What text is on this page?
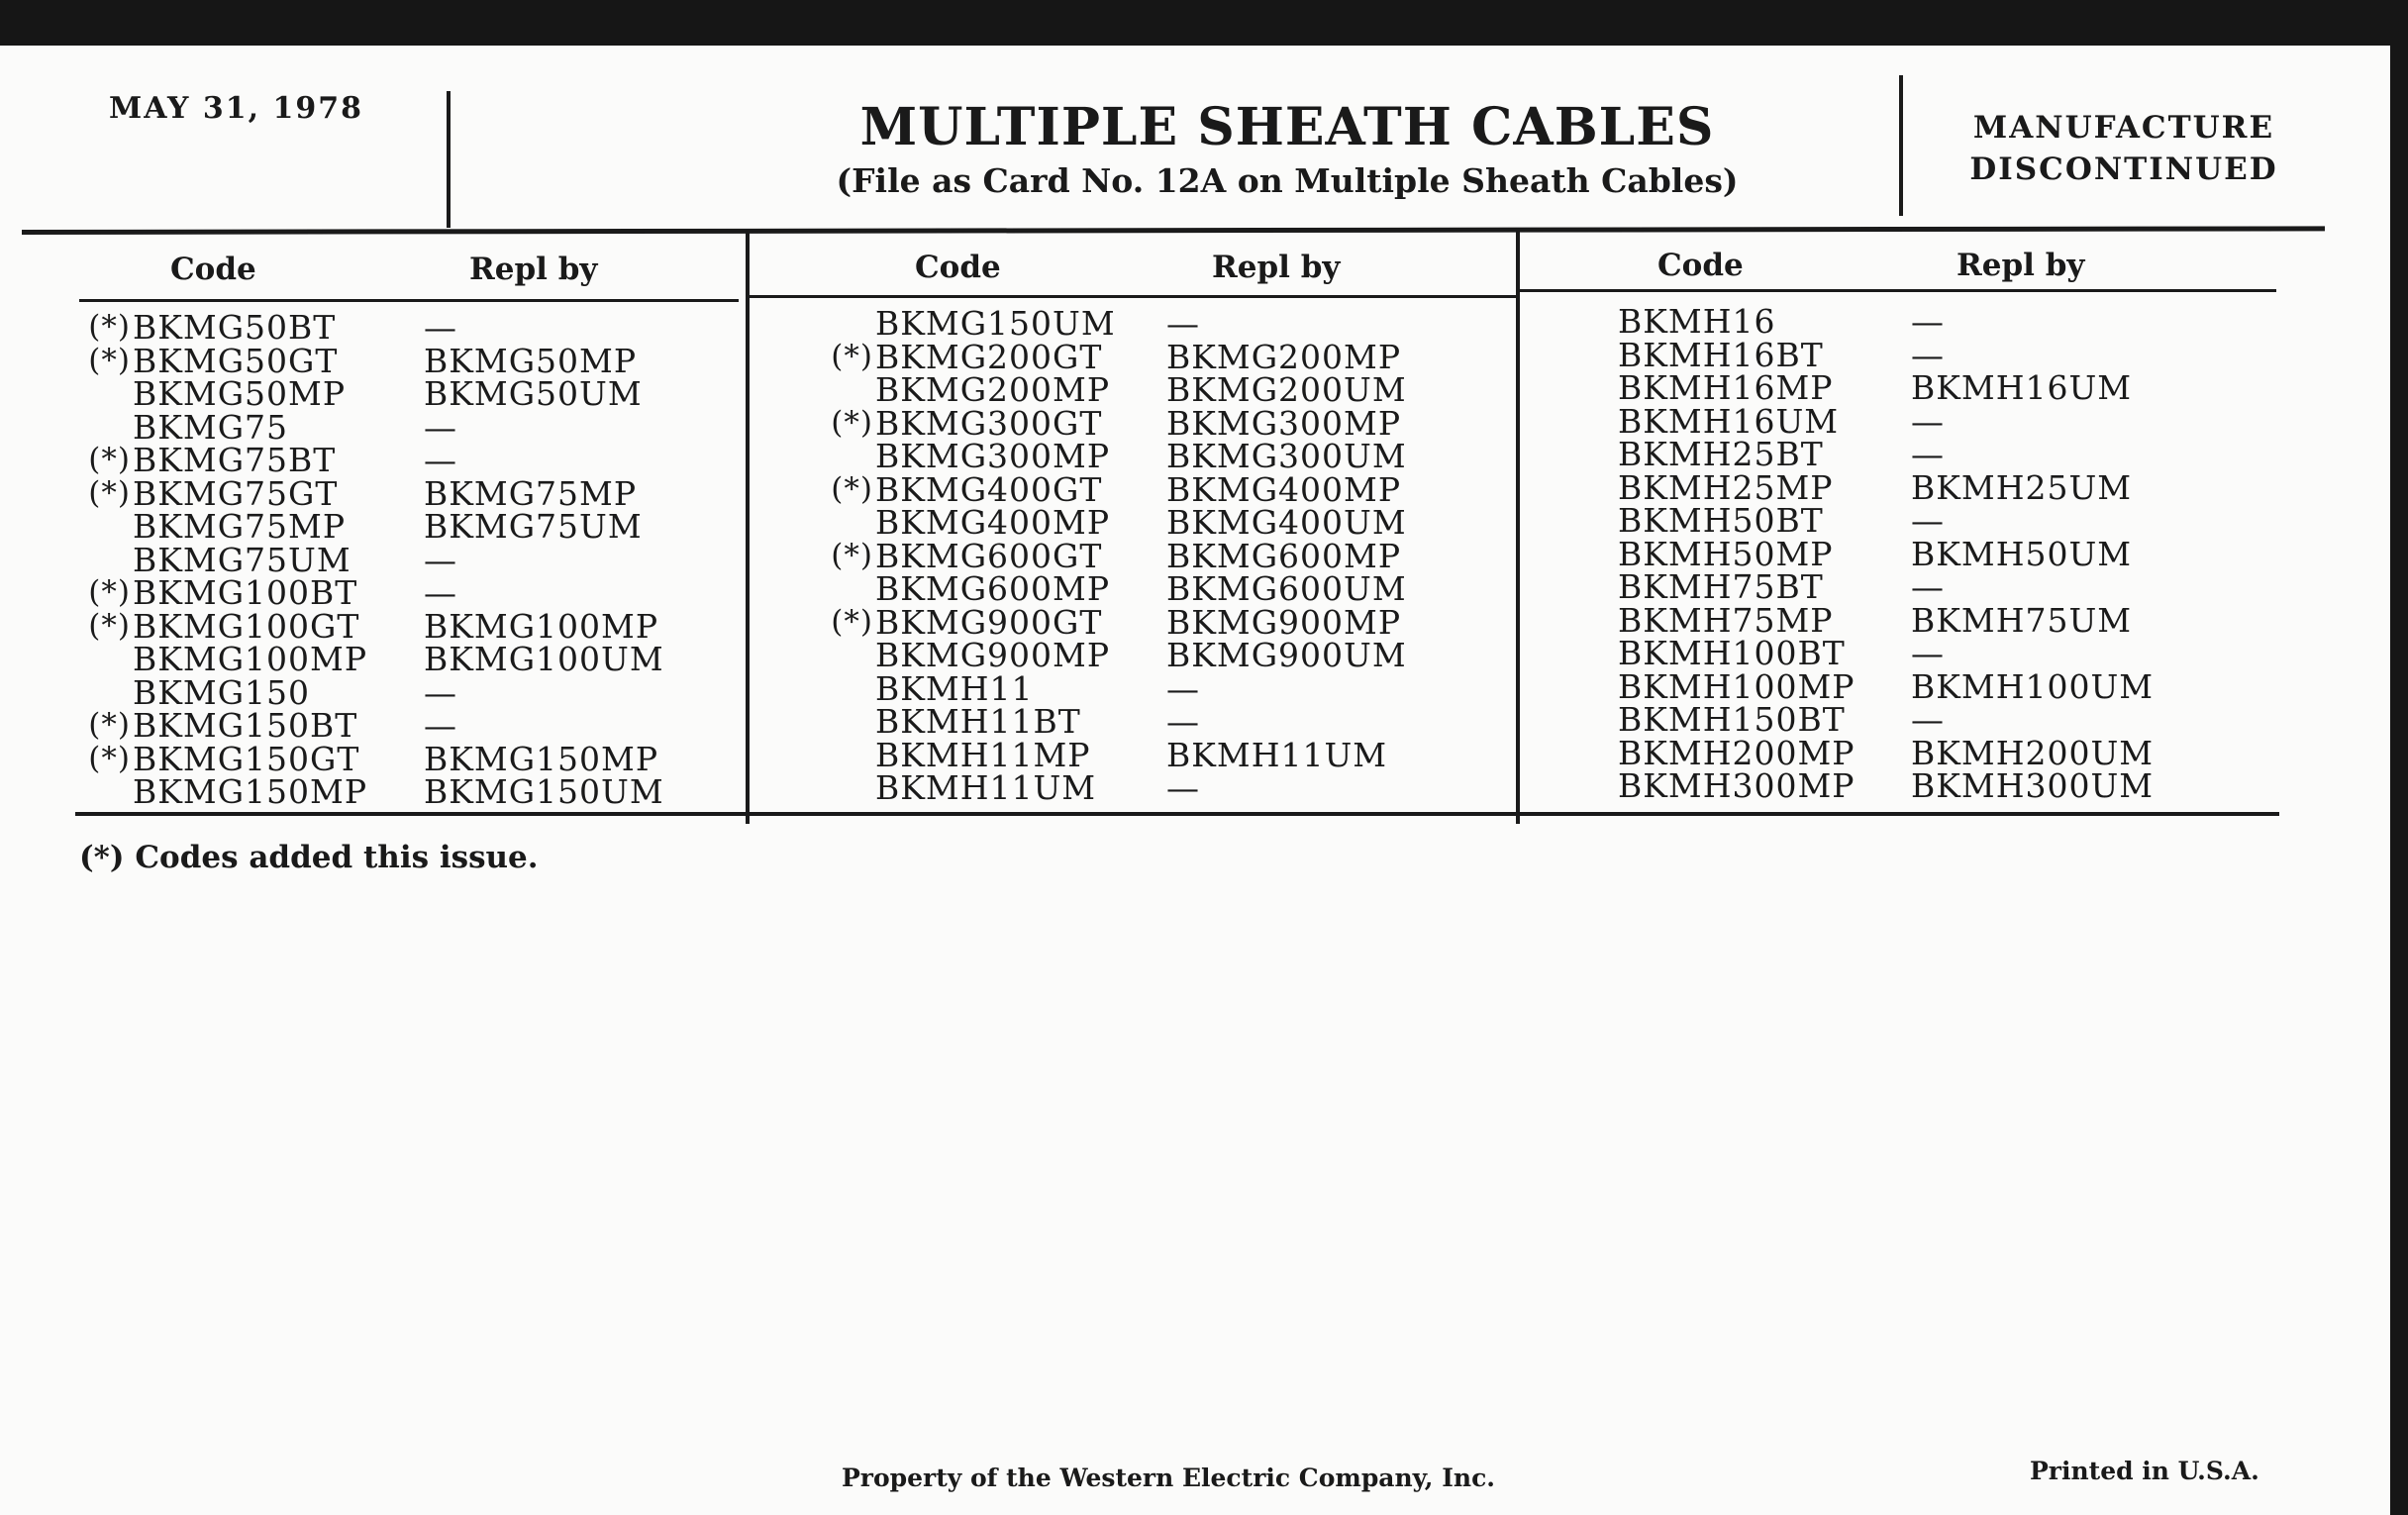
MAY 31, 1978	MULTIPLE SHEATH CABLES
(File as Card No. 12A on Multiple Sheath Cables)
MANUFACTURE
DISCONTINUED
Code	Repl by
(*) BKMG50BT	—
(*) BKMG50GT	BKMG50MP
BKMG50MP BKMG50UM
BKMG75	—
(*) BKMG75BT	—
(*) BKMG75GT	BKMG75MP
BKMG75MP BKMG75UM
BKMG75UM —
(*) BKMG100BT —
(*) BKMG100GT BKMG100MP
BKMG100MP BKMG100UM
BKMG150	—
(*) BKMG150BT —
(*) BKMG150GT BKMG150MP
BKMG150MP BKMG150UM
Code	Repl by
BKMG150UM —
(*) BKMG200GT BKMG200MP
BKMG200MP BKMG200UM
(*) BKMG300GT BKMG300MP
BKMG300MP BKMG300UM
(*) BKMG400GT BKMG400MP
BKMG400MP BKMG400UM
(*) BKMG600GT BKMG600MP
BKMG600MP BKMG600UM
(*) BKMG900GT BKMG900MP
BKMG900MP BKMG900UM
BKMH11	—
BKMH11BT	—
BKMH11MP BKMH11UM
BKMH11UM —
Code	Repl by
BKMH16	—
BKMH16BT	—
BKMH16MP BKMH16UM
BKMH16UM —
BKMH25BT	—
BKMH25MP BKMH25UM
BKMH50BT	—
BKMH50MP BKMH50UM
BKMH75BT	—
BKMH75MP BKMH75UM
BKMH100BT —
BKMH100MP BKMH100UM
BKMH150BT —
BKMH200MP BKMH200UM
BKMH300MP BKMH300UM
(*) Codes added this issue.
Property of the Western Electric Company, Inc.	Printed in U.S.A.
